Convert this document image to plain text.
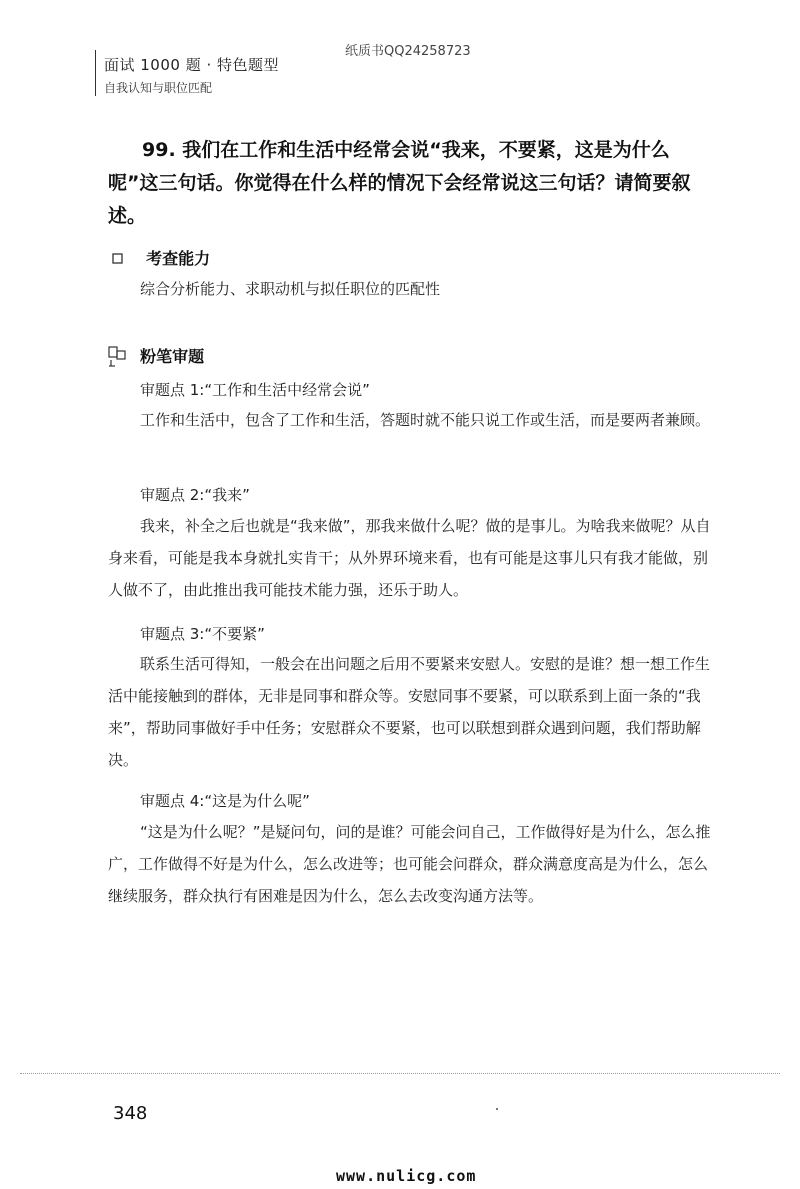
纸质书QQ24258723
面试 1000 题 · 特色题型
自我认知与职位匹配
99. 我们在工作和生活中经常会说“我来，不要紧，这是为什么呢”这三句话。你觉得在什么样的情况下会经常说这三句话？请简要叙述。
考查能力
综合分析能力、求职动机与拟任职位的匹配性
粉笔审题
审题点 1:“工作和生活中经常会说”
工作和生活中，包含了工作和生活，答题时就不能只说工作或生活，而是要两者兼顾。
审题点 2:“我来”
我来，补全之后也就是“我来做”，那我来做什么呢？做的是事儿。为啥我来做呢？从自身来看，可能是我本身就扎实肯干；从外界环境来看，也有可能是这事儿只有我才能做，别人做不了，由此推出我可能技术能力强，还乐于助人。
审题点 3:“不要紧”
联系生活可得知，一般会在出问题之后用不要紧来安慰人。安慰的是谁？想一想工作生活中能接触到的群体，无非是同事和群众等。安慰同事不要紧，可以联系到上面一条的“我来”，帮助同事做好手中任务；安慰群众不要紧，也可以联想到群众遇到问题，我们帮助解决。
审题点 4:“这是为什么呢”
“这是为什么呢？”是疑问句，问的是谁？可能会问自己，工作做得好是为什么，怎么推广，工作做得不好是为什么，怎么改进等；也可能会问群众，群众满意度高是为什么，怎么继续服务，群众执行有困难是因为什么，怎么去改变沟通方法等。
348
www.nulicg.com
